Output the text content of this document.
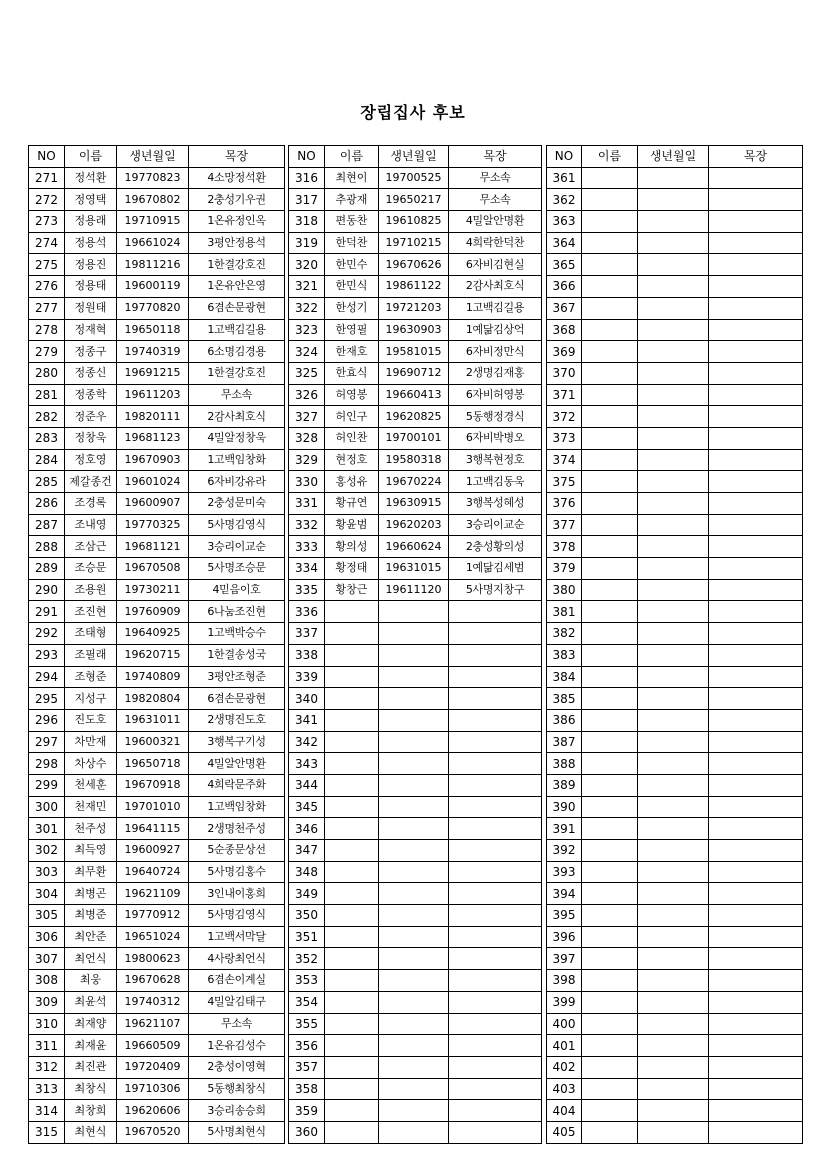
장립집사 후보
NO	이름	생년월일	목장
271	정석환	19770823	4소망정석환
272	정영택	19670802	2충성기우권
273	정용래	19710915	1온유정인옥
274	정용석	19661024	3평안정용석
275	정용진	19811216	1한결강호진
276	정용태	19600119	1온유안은영
277	정원태	19770820	6겸손문광현
278	정재혁	19650118	1고백김길용
279	정종구	19740319	6소명김경용
280	정종신	19691215	1한결강호진
281	정종학	19611203	무소속
282	정준우	19820111	2감사최호식
283	정창욱	19681123	4밀알정창욱
284	정호영	19670903	1고백임창화
285	제갈종건	19601024	6자비강유라
286	조경록	19600907	2충성문미숙
287	조내영	19770325	5사명김영식
288	조삼근	19681121	3승리이교순
289	조승문	19670508	5사명조승문
290	조용원	19730211	4믿음이호
291	조진현	19760909	6나눔조진현
292	조태형	19640925	1고백박승수
293	조필래	19620715	1한결송성국
294	조형준	19740809	3평안조형준
295	지성구	19820804	6겸손문광현
296	진도호	19631011	2생명진도호
297	차만재	19600321	3행복구기성
298	차상수	19650718	4밀알안명환
299	천세훈	19670918	4희락문주화
300	천재민	19701010	1고백임창화
301	천주성	19641115	2생명천주성
302	최득영	19600927	5순종문상선
303	최무환	19640724	5사명김홍수
304	최병곤	19621109	3인내이홍희
305	최병준	19770912	5사명김영식
306	최안준	19651024	1고백서막달
307	최언식	19800623	4사랑최언식
308	최웅	19670628	6겸손이계실
309	최윤석	19740312	4밀알김태구
310	최재양	19621107	무소속
311	최재윤	19660509	1온유김성수
312	최진관	19720409	2충성이영혁
313	최창식	19710306	5동행최창식
314	최창희	19620606	3승리송승희
315	최현식	19670520	5사명최현식
NO	이름	생년월일	목장
316	최현이	19700525	무소속
317	추광재	19650217	무소속
318	편동찬	19610825	4밀알안명환
319	한덕찬	19710215	4희락한덕찬
320	한민수	19670626	6자비김현실
321	한민식	19861122	2감사최호식
322	한성기	19721203	1고백김길용
323	한영필	19630903	1예닮김상억
324	한재호	19581015	6자비정만식
325	한효식	19690712	2생명김재홍
326	허영봉	19660413	6자비허영봉
327	허인구	19620825	5동행정경식
328	허인찬	19700101	6자비박병오
329	현정호	19580318	3행복현정호
330	홍성유	19670224	1고백김동욱
331	황규연	19630915	3행복성혜성
332	황윤범	19620203	3승리이교순
333	황의성	19660624	2충성황의성
334	황정태	19631015	1예닮김세범
335	황창근	19611120	5사명지창구
336			
337			
338			
339			
340			
341			
342			
343			
344			
345			
346			
347			
348			
349			
350			
351			
352			
353			
354			
355			
356			
357			
358			
359			
360			
NO	이름	생년월일	목장
361			
362			
363			
364			
365			
366			
367			
368			
369			
370			
371			
372			
373			
374			
375			
376			
377			
378			
379			
380			
381			
382			
383			
384			
385			
386			
387			
388			
389			
390			
391			
392			
393			
394			
395			
396			
397			
398			
399			
400			
401			
402			
403			
404			
405			
